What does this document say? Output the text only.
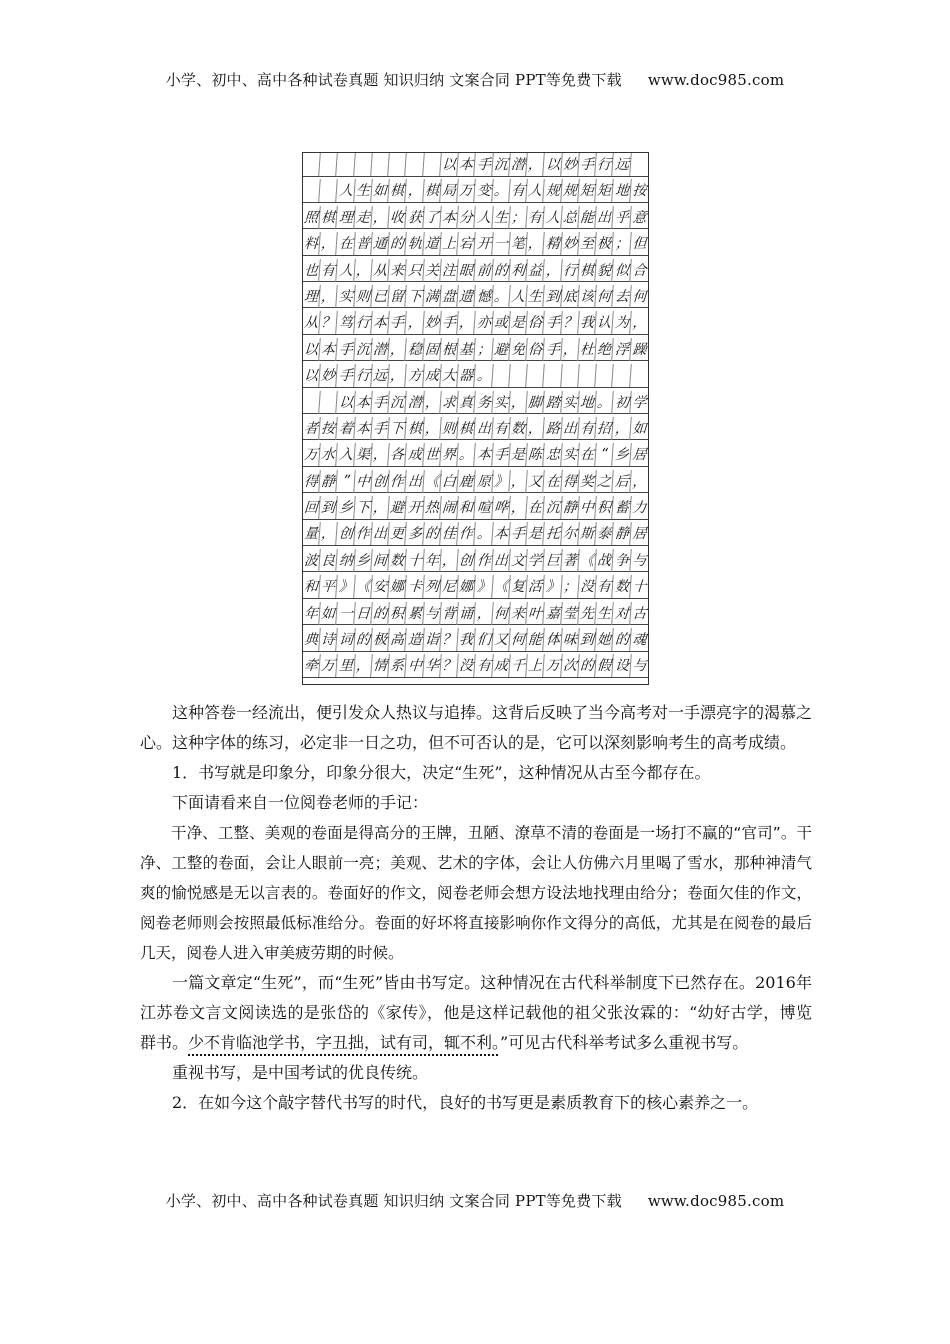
小学、初中、高中各种试卷真题 知识归纳 文案合同 PPT等免费下载 www.doc985.com
以 本 手 沉 潜 ， 以 妙 手 行 远
人 生 如 棋 ， 棋 局 万 变 。 有 人 规 规 矩 矩 地 按
照 棋 理 走 ， 收 获 了 本 分 人 生 ； 有 人 总 能 出 乎 意
料 ， 在 普 通 的 轨 道 上 宕 开 一 笔 ， 精 妙 至 极 ； 但
也 有 人 ， 从 来 只 关 注 眼 前 的 利 益 ， 行 棋 貌 似 合
理 ， 实 则 已 留 下 满 盘 遗 憾 。 人 生 到 底 该 何 去 何
从 ？ 笃 行 本 手 ， 妙 手 ， 亦 或 是 俗 手 ？ 我 认 为 ，
以 本 手 沉 潜 ， 稳 固 根 基 ； 避 免 俗 手 ， 杜 绝 浮 躁
以 妙 手 行 远 ， 方 成 大 器 。
以 本 手 沉 潜 ， 求 真 务 实 ， 脚 踏 实 地 。 初 学
者 按 着 本 手 下 棋 ， 则 棋 出 有 数 ， 路 出 有 招 ， 如
万 水 入 渠 ， 各 成 世 界 。 本 手 是 陈 忠 实 在 “ 乡 居
得 静 ” 中 创 作 出 《 白 鹿 原 》 ， 又 在 得 奖 之 后 ，
回 到 乡 下 ， 避 开 热 闹 和 喧 哗 ， 在 沉 静 中 积 蓄 力
量 ， 创 作 出 更 多 的 佳 作 。 本 手 是 托 尔 斯 泰 静 居
波 良 纳 乡 间 数 十 年 ， 创 作 出 文 学 巨 著 《 战 争 与
和 平 》 《 安 娜 卡 列 尼 娜 》 《 复 活 》 ； 没 有 数 十
年 如 一 日 的 积 累 与 背 诵 ， 何 来 叶 嘉 莹 先 生 对 古
典 诗 词 的 极 高 造 诣 ？ 我 们 又 何 能 体 味 到 她 的 魂
牵 万 里 ， 情 系 中 华 ？ 没 有 成 千 上 万 次 的 假 设 与

这种答卷一经流出，便引发众人热议与追捧。这背后反映了当今高考对一手漂亮字的渴慕之心。这种字体的练习，必定非一日之功，但不可否认的是，它可以深刻影响考生的高考成绩。

1．书写就是印象分，印象分很大，决定“生死”，这种情况从古至今都存在。

下面请看来自一位阅卷老师的手记：

干净、工整、美观的卷面是得高分的王牌，丑陋、潦草不清的卷面是一场打不赢的“官司”。干净、工整的卷面，会让人眼前一亮；美观、艺术的字体，会让人仿佛六月里喝了雪水，那种神清气爽的愉悦感是无以言表的。卷面好的作文，阅卷老师会想方设法地找理由给分；卷面欠佳的作文，阅卷老师则会按照最低标准给分。卷面的好坏将直接影响你作文得分的高低，尤其是在阅卷的最后几天，阅卷人进入审美疲劳期的时候。

一篇文章定“生死”，而“生死”皆由书写定。这种情况在古代科举制度下已然存在。2016年江苏卷文言文阅读选的是张岱的《家传》，他是这样记载他的祖父张汝霖的：“幼好古学，博览群书。少不肯临池学书，字丑拙，试有司，辄不利。”可见古代科举考试多么重视书写。

重视书写，是中国考试的优良传统。

2．在如今这个敲字替代书写的时代，良好的书写更是素质教育下的核心素养之一。

小学、初中、高中各种试卷真题 知识归纳 文案合同 PPT等免费下载 www.doc985.com
